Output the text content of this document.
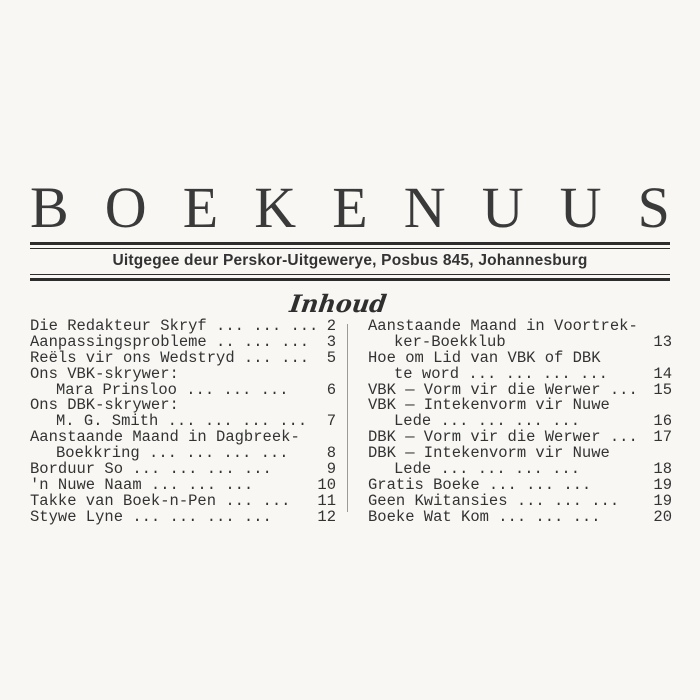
B O E K E N U U S
Uitgegee deur Perskor-Uitgewerye, Posbus 845, Johannesburg
Inhoud
Die Redakteur Skryf ... ... ... 2
Aanpassingsprobleme .. ... ... 3
Reëls vir ons Wedstryd ... ... 5
Ons VBK-skrywer:
Mara Prinsloo ... ... ... 6
Ons DBK-skrywer:
M. G. Smith ... ... ... ... 7
Aanstaande Maand in Dagbreek-
Boekkring ... ... ... ... 8
Borduur So ... ... ... ...	9
'n Nuwe Naam ... ... ...	10
Takke van Boek-n-Pen ... ... 11
Stywe Lyne ... ... ... ...	12
Aanstaande Maand in Voortrek-
ker-Boekklub	13
Hoe om Lid van VBK of DBK
te word ... ... ... ...	14
VBK — Vorm vir die Werwer ... 15
VBK — Intekenvorm vir Nuwe
Lede ... ... ... ...	16
DBK — Vorm vir die Werwer ... 17
DBK — Intekenvorm vir Nuwe
Lede ... ... ... ...	18
Gratis Boeke ... ... ...	19
Geen Kwitansies ... ... ... 19
Boeke Wat Kom ... ... ...	20
